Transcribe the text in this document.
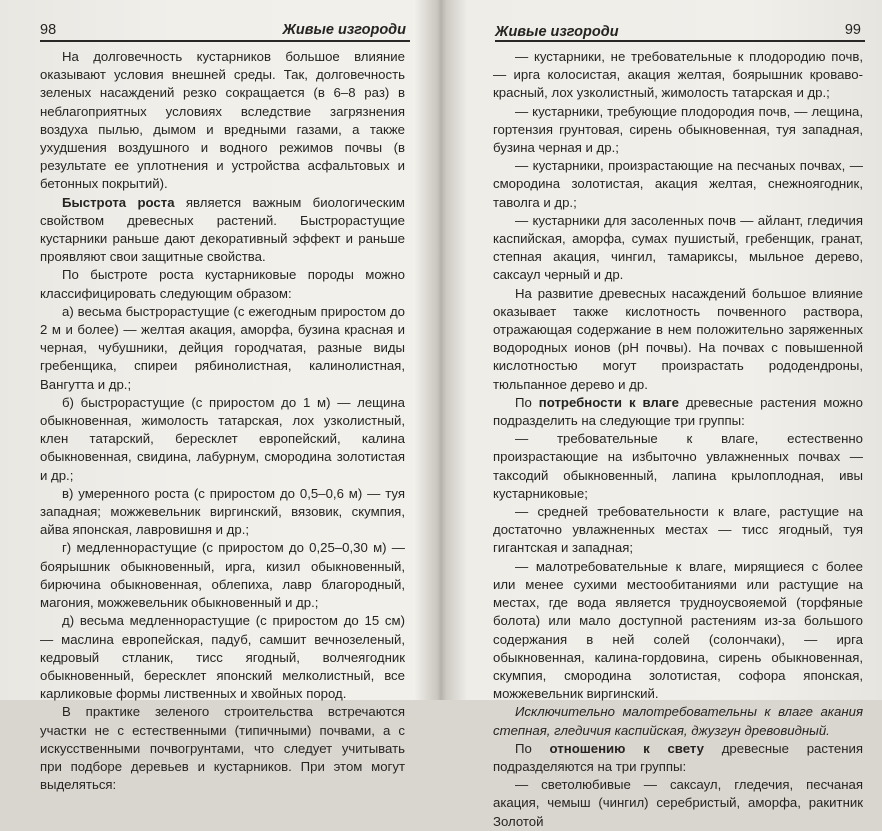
98	Живые изгороди

На долговечность кустарников большое влияние оказывают условия внешней среды. Так, долговечность зеленых насаждений резко сокращается (в 6–8 раз) в неблагоприятных условиях вследствие загрязнения воздуха пылью, дымом и вредными газами, а также ухудшения воздушного и водного режимов почвы (в результате ее уплотнения и устройства асфальтовых и бетонных покрытий).

Быстрота роста является важным биологическим свойством древесных растений. Быстрорастущие кустарники раньше дают декоративный эффект и раньше проявляют свои защитные свойства.

По быстроте роста кустарниковые породы можно классифицировать следующим образом:

а) весьма быстрорастущие (с ежегодным приростом до 2 м и более) — желтая акация, аморфа, бузина красная и черная, чубушники, дейция городчатая, разные виды гребенщика, спиреи рябинолистная, калинолистная, Вангутта и др.;

б) быстрорастущие (с приростом до 1 м) — лещина обыкновенная, жимолость татарская, лох узколистный, клен татарский, бересклет европейский, калина обыкновенная, свидина, лабурнум, смородина золотистая и др.;

в) умеренного роста (с приростом до 0,5–0,6 м) — туя западная; можжевельник виргинский, вязовик, скумпия, айва японская, лавровишня и др.;

г) медленнорастущие (с приростом до 0,25–0,30 м) — боярышник обыкновенный, ирга, кизил обыкновенный, бирючина обыкновенная, облепиха, лавр благородный, магония, можжевельник обыкновенный и др.;

д) весьма медленнорастущие (с приростом до 15 см) — маслина европейская, падуб, самшит вечнозеленый, кедровый стланик, тисс ягодный, волчеягодник обыкновенный, бересклет японский мелколистный, все карликовые формы лиственных и хвойных пород.

В практике зеленого строительства встречаются участки не с естественными (типичными) почвами, а с искусственными почвогрунтами, что следует учитывать при подборе деревьев и кустарников. При этом могут выделяться:

Живые изгороди	99

— кустарники, не требовательные к плодородию почв, — ирга колосистая, акация желтая, боярышник кроваво-красный, лох узколистный, жимолость татарская и др.;

— кустарники, требующие плодородия почв, — лещина, гортензия грунтовая, сирень обыкновенная, туя западная, бузина черная и др.;

— кустарники, произрастающие на песчаных почвах, — смородина золотистая, акация желтая, снежноягодник, таволга и др.;

— кустарники для засоленных почв — айлант, гледичия каспийская, аморфа, сумах пушистый, гребенщик, гранат, степная акация, чингил, тамариксы, мыльное дерево, саксаул черный и др.

На развитие древесных насаждений большое влияние оказывает также кислотность почвенного раствора, отражающая содержание в нем положительно заряженных водородных ионов (рН почвы). На почвах с повышенной кислотностью могут произрастать рододендроны, тюльпанное дерево и др.

По потребности к влаге древесные растения можно подразделить на следующие три группы:

— требовательные к влаге, естественно произрастающие на избыточно увлажненных почвах — таксодий обыкновенный, лапина крылоплодная, ивы кустарниковые;

— средней требовательности к влаге, растущие на достаточно увлажненных местах — тисс ягодный, туя гигантская и западная;

— малотребовательные к влаге, мирящиеся с более или менее сухими местообитаниями или растущие на местах, где вода является трудноусвояемой (торфяные болота) или мало доступной растениям из-за большого содержания в ней солей (солончаки), — ирга обыкновенная, калина-гордовина, сирень обыкновенная, скумпия, смородина золотистая, софора японская, можжевельник виргинский.

Исключительно малотребовательны к влаге акания степная, гледичия каспийская, джузгун древовидный.

По отношению к свету древесные растения подразделяются на три группы:

— светолюбивые — саксаул, гледечия, песчаная акация, чемыш (чингил) серебристый, аморфа, ракитник Золотой
